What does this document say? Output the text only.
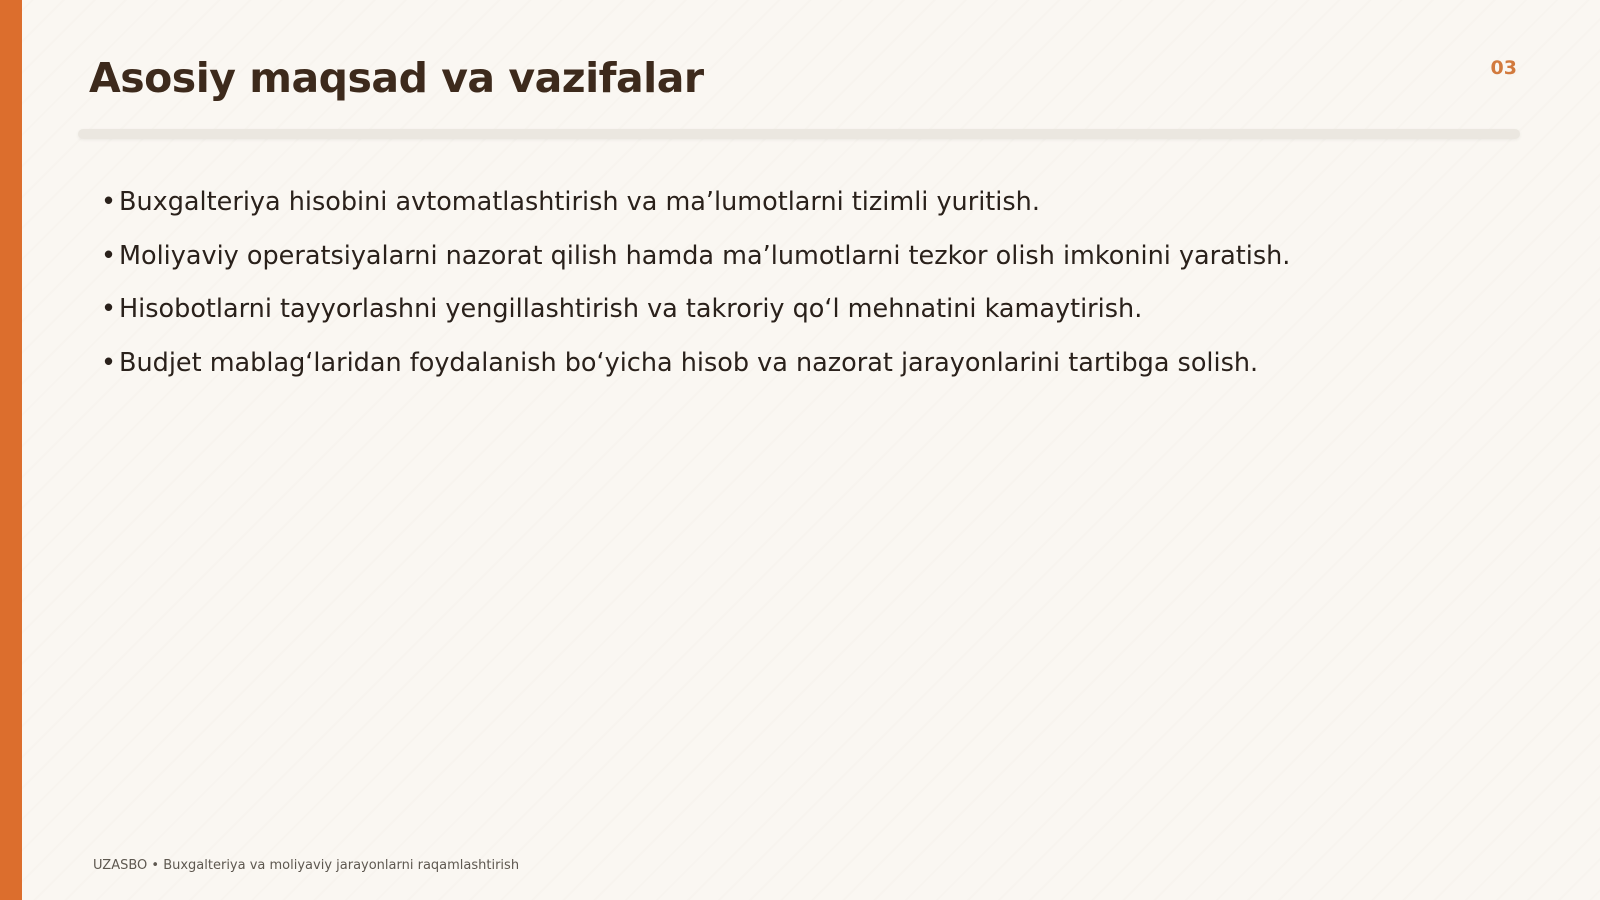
Asosiy maqsad va vazifalar	03
• Buxgalteriya hisobini avtomatlashtirish va ma’lumotlarni tizimli yuritish.
• Moliyaviy operatsiyalarni nazorat qilish hamda ma’lumotlarni tezkor olish imkonini yaratish.
• Hisobotlarni tayyorlashni yengillashtirish va takroriy qo‘l mehnatini kamaytirish.
• Budjet mablag‘laridan foydalanish bo‘yicha hisob va nazorat jarayonlarini tartibga solish.
UZASBO • Buxgalteriya va moliyaviy jarayonlarni raqamlashtirish
